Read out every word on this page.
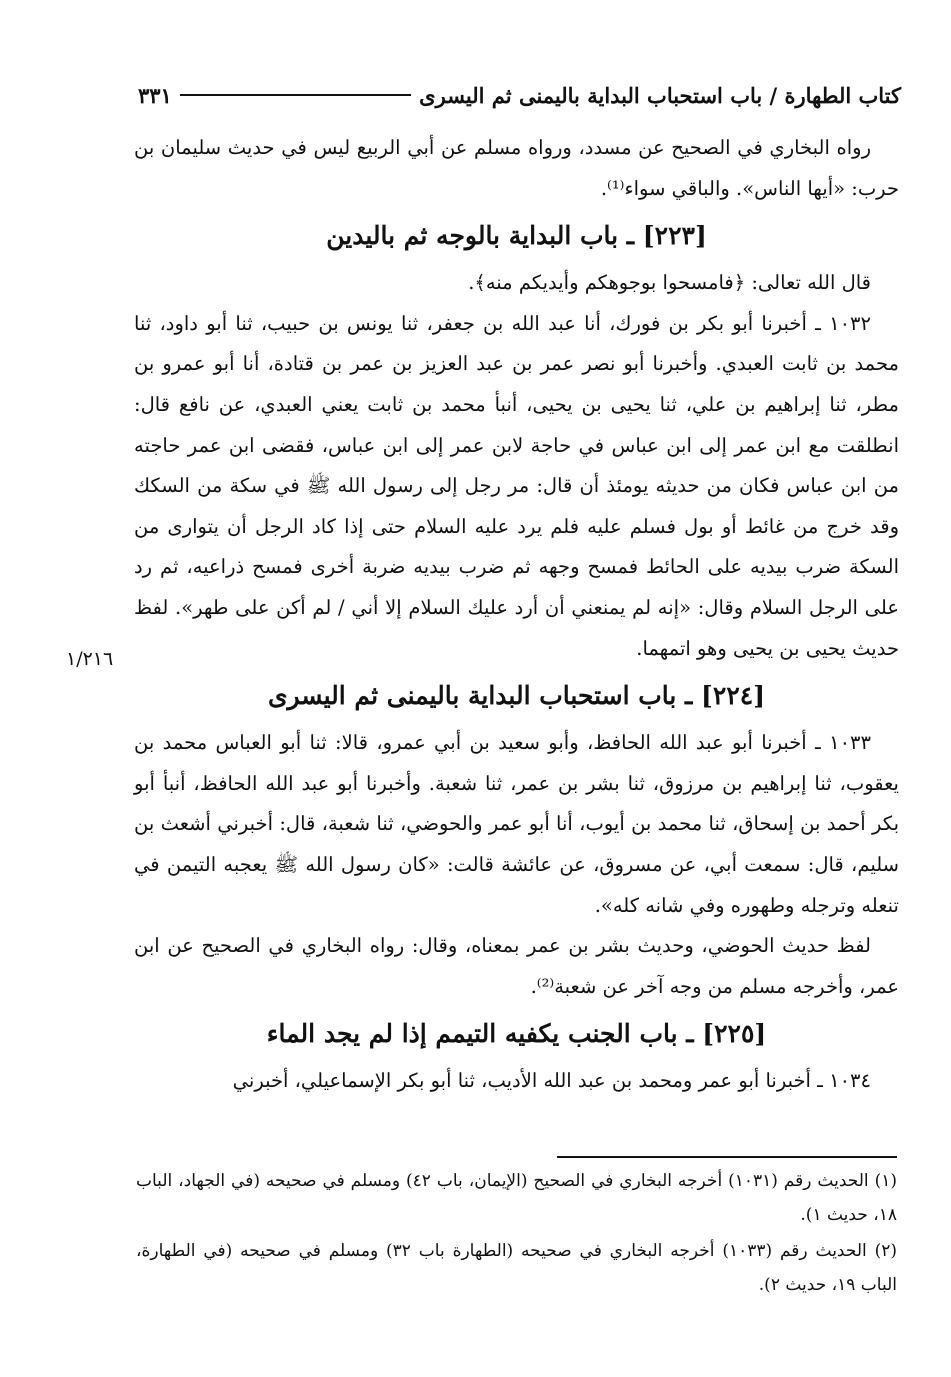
كتاب الطهارة / باب استحباب البداية باليمنى ثم اليسرى
٣٣١

رواه البخاري في الصحيح عن مسدد، ورواه مسلم عن أبي الربيع ليس في حديث سليمان بن حرب: «أيها الناس». والباقي سواء⁽¹⁾.

[٢٢٣] ـ باب البداية بالوجه ثم باليدين

قال الله تعالى: ﴿فامسحوا بوجوهكم وأيديكم منه﴾.

١٠٣٢ ـ أخبرنا أبو بكر بن فورك، أنا عبد الله بن جعفر، ثنا يونس بن حبيب، ثنا أبو داود، ثنا محمد بن ثابت العبدي. وأخبرنا أبو نصر عمر بن عبد العزيز بن عمر بن قتادة، أنا أبو عمرو بن مطر، ثنا إبراهيم بن علي، ثنا يحيى بن يحيى، أنبأ محمد بن ثابت يعني العبدي، عن نافع قال: انطلقت مع ابن عمر إلى ابن عباس في حاجة لابن عمر إلى ابن عباس، فقضى ابن عمر حاجته من ابن عباس فكان من حديثه يومئذ أن قال: مر رجل إلى رسول الله ﷺ في سكة من السكك وقد خرج من غائط أو بول فسلم عليه فلم يرد عليه السلام حتى إذا كاد الرجل أن يتوارى من السكة ضرب بيديه على الحائط فمسح وجهه ثم ضرب بيديه ضربة أخرى فمسح ذراعيه، ثم رد على الرجل السلام وقال: «إنه لم يمنعني أن أرد عليك السلام إلا أني / لم أكن على طهر». لفظ حديث يحيى بن يحيى وهو اتمهما.

[٢٢٤] ـ باب استحباب البداية باليمنى ثم اليسرى

١٠٣٣ ـ أخبرنا أبو عبد الله الحافظ، وأبو سعيد بن أبي عمرو، قالا: ثنا أبو العباس محمد بن يعقوب، ثنا إبراهيم بن مرزوق، ثنا بشر بن عمر، ثنا شعبة. وأخبرنا أبو عبد الله الحافظ، أنبأ أبو بكر أحمد بن إسحاق، ثنا محمد بن أيوب، أنا أبو عمر والحوضي، ثنا شعبة، قال: أخبرني أشعث بن سليم، قال: سمعت أبي، عن مسروق، عن عائشة قالت: «كان رسول الله ﷺ يعجبه التيمن في تنعله وترجله وطهوره وفي شانه كله».

لفظ حديث الحوضي، وحديث بشر بن عمر بمعناه، وقال: رواه البخاري في الصحيح عن ابن عمر، وأخرجه مسلم من وجه آخر عن شعبة⁽²⁾.

[٢٢٥] ـ باب الجنب يكفيه التيمم إذا لم يجد الماء

١٠٣٤ ـ أخبرنا أبو عمر ومحمد بن عبد الله الأديب، ثنا أبو بكر الإسماعيلي، أخبرني

١/٢١٦

(١) الحديث رقم (١٠٣١) أخرجه البخاري في الصحيح (الإيمان، باب ٤٢) ومسلم في صحيحه (في الجهاد، الباب ١٨، حديث ١).

(٢) الحديث رقم (١٠٣٣) أخرجه البخاري في صحيحه (الطهارة باب ٣٢) ومسلم في صحيحه (في الطهارة، الباب ١٩، حديث ٢).
